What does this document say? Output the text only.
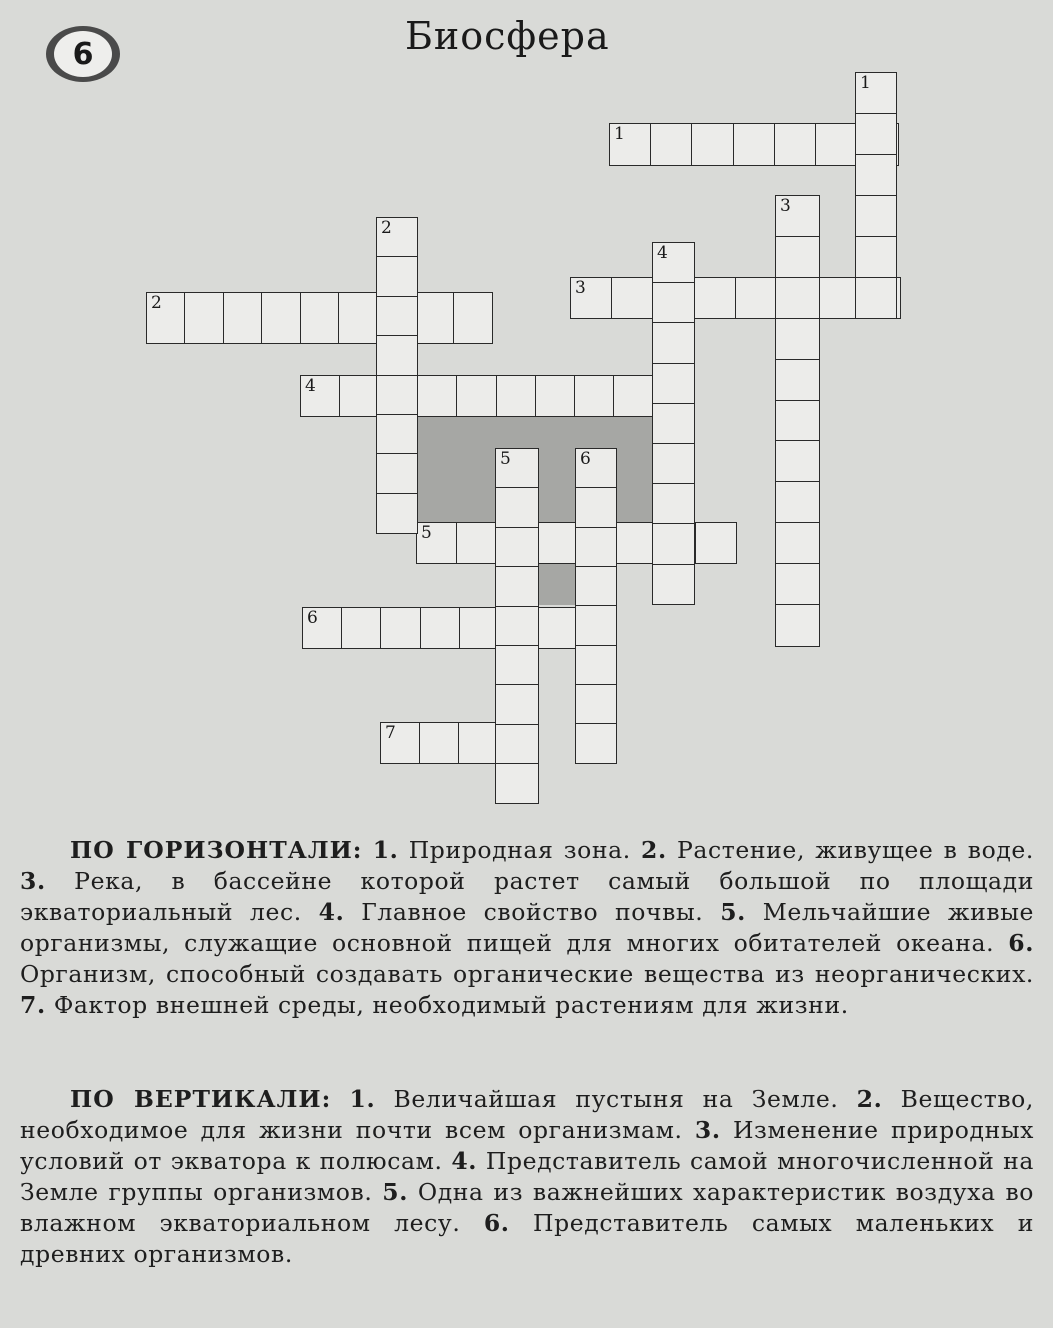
6	Биосфера
1
2
3
4
5
6
7
1
2
3
4
5	6
ПО ГОРИЗОНТАЛИ: 1. Природная зона. 2. Растение, живущее в воде. 3. Река, в бассейне которой растет самый большой по площади экваториальный лес. 4. Главное свойство почвы. 5. Мельчайшие живые организмы, служащие основной пищей для многих обитателей океана. 6. Организм, способный создавать органические вещества из неорганических. 7. Фактор внешней среды, необходимый растениям для жизни.
ПО ВЕРТИКАЛИ: 1. Величайшая пустыня на Земле. 2. Вещество, необходимое для жизни почти всем организмам. 3. Изменение природных условий от экватора к полюсам. 4. Представитель самой многочисленной на Земле группы организмов. 5. Одна из важнейших характеристик воздуха во влажном экваториальном лесу. 6. Представитель самых маленьких и древних организмов.
